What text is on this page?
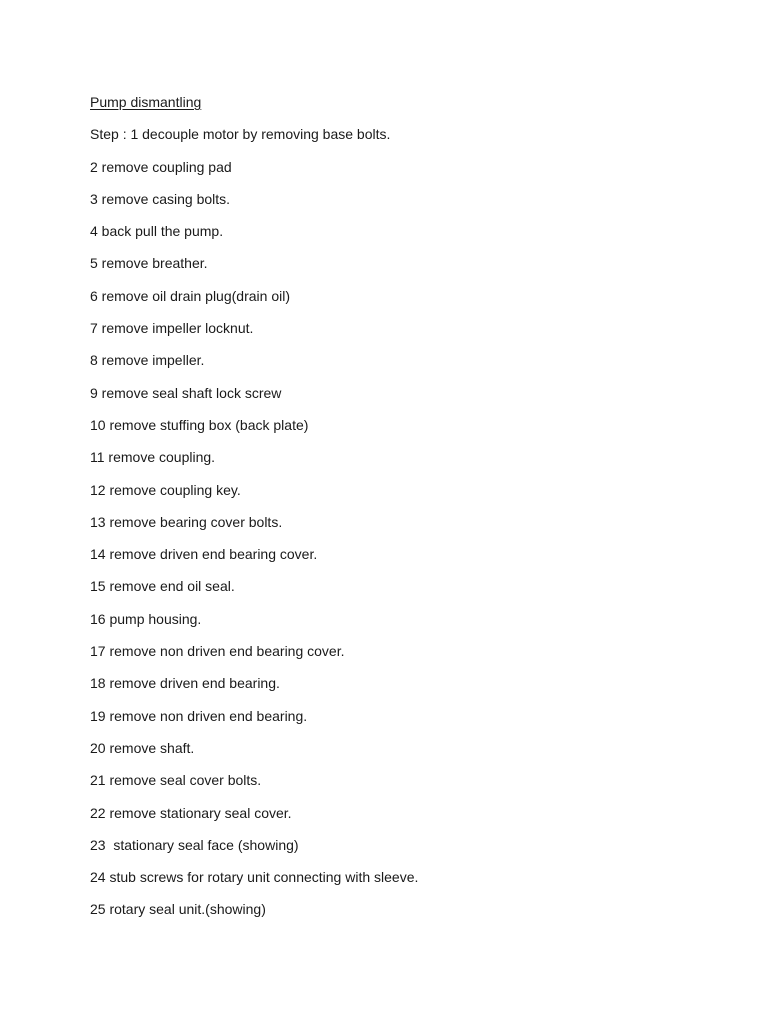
Pump dismantling
Step : 1 decouple motor by removing base bolts.
2 remove coupling pad
3 remove casing bolts.
4 back pull the pump.
5 remove breather.
6 remove oil drain plug(drain oil)
7 remove impeller locknut.
8 remove impeller.
9 remove seal shaft lock screw
10 remove stuffing box (back plate)
11 remove coupling.
12 remove coupling key.
13 remove bearing cover bolts.
14 remove driven end bearing cover.
15 remove end oil seal.
16 pump housing.
17 remove non driven end bearing cover.
18 remove driven end bearing.
19 remove non driven end bearing.
20 remove shaft.
21 remove seal cover bolts.
22 remove stationary seal cover.
23  stationary seal face (showing)
24 stub screws for rotary unit connecting with sleeve.
25 rotary seal unit.(showing)
